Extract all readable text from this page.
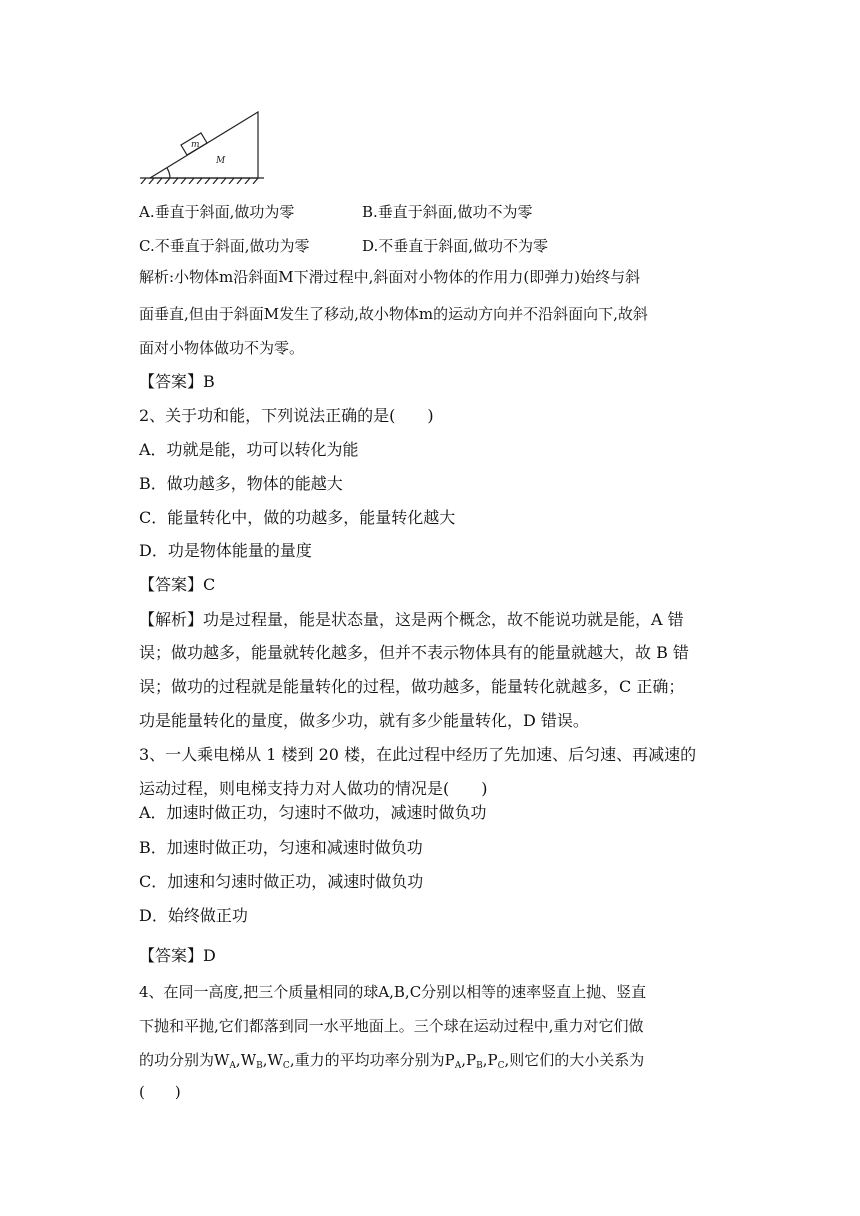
m
M
A.垂直于斜面,做功为零	B.垂直于斜面,做功不为零
C.不垂直于斜面,做功为零	D.不垂直于斜面,做功不为零
解析:小物体m沿斜面M下滑过程中,斜面对小物体的作用力(即弹力)始终与斜
面垂直,但由于斜面M发生了移动,故小物体m的运动方向并不沿斜面向下,故斜
面对小物体做功不为零。
【答案】B
2、关于功和能，下列说法正确的是(　　)
A．功就是能，功可以转化为能
B．做功越多，物体的能越大
C．能量转化中，做的功越多，能量转化越大
D．功是物体能量的量度
【答案】C
【解析】功是过程量，能是状态量，这是两个概念，故不能说功就是能，A 错
误；做功越多，能量就转化越多，但并不表示物体具有的能量就越大，故 B 错
误；做功的过程就是能量转化的过程，做功越多，能量转化就越多，C 正确；
功是能量转化的量度，做多少功，就有多少能量转化，D 错误。
3、一人乘电梯从 1 楼到 20 楼，在此过程中经历了先加速、后匀速、再减速的
运动过程，则电梯支持力对人做功的情况是(　　)
A．加速时做正功，匀速时不做功，减速时做负功
B．加速时做正功，匀速和减速时做负功
C．加速和匀速时做正功，减速时做负功
D．始终做正功
【答案】D
4、在同一高度,把三个质量相同的球A,B,C分别以相等的速率竖直上抛、竖直
下抛和平抛,它们都落到同一水平地面上。三个球在运动过程中,重力对它们做
的功分别为$W_A,W_B,W_C$,重力的平均功率分别为$P_A,P_B,P_C$,则它们的大小关系为
(　　)
